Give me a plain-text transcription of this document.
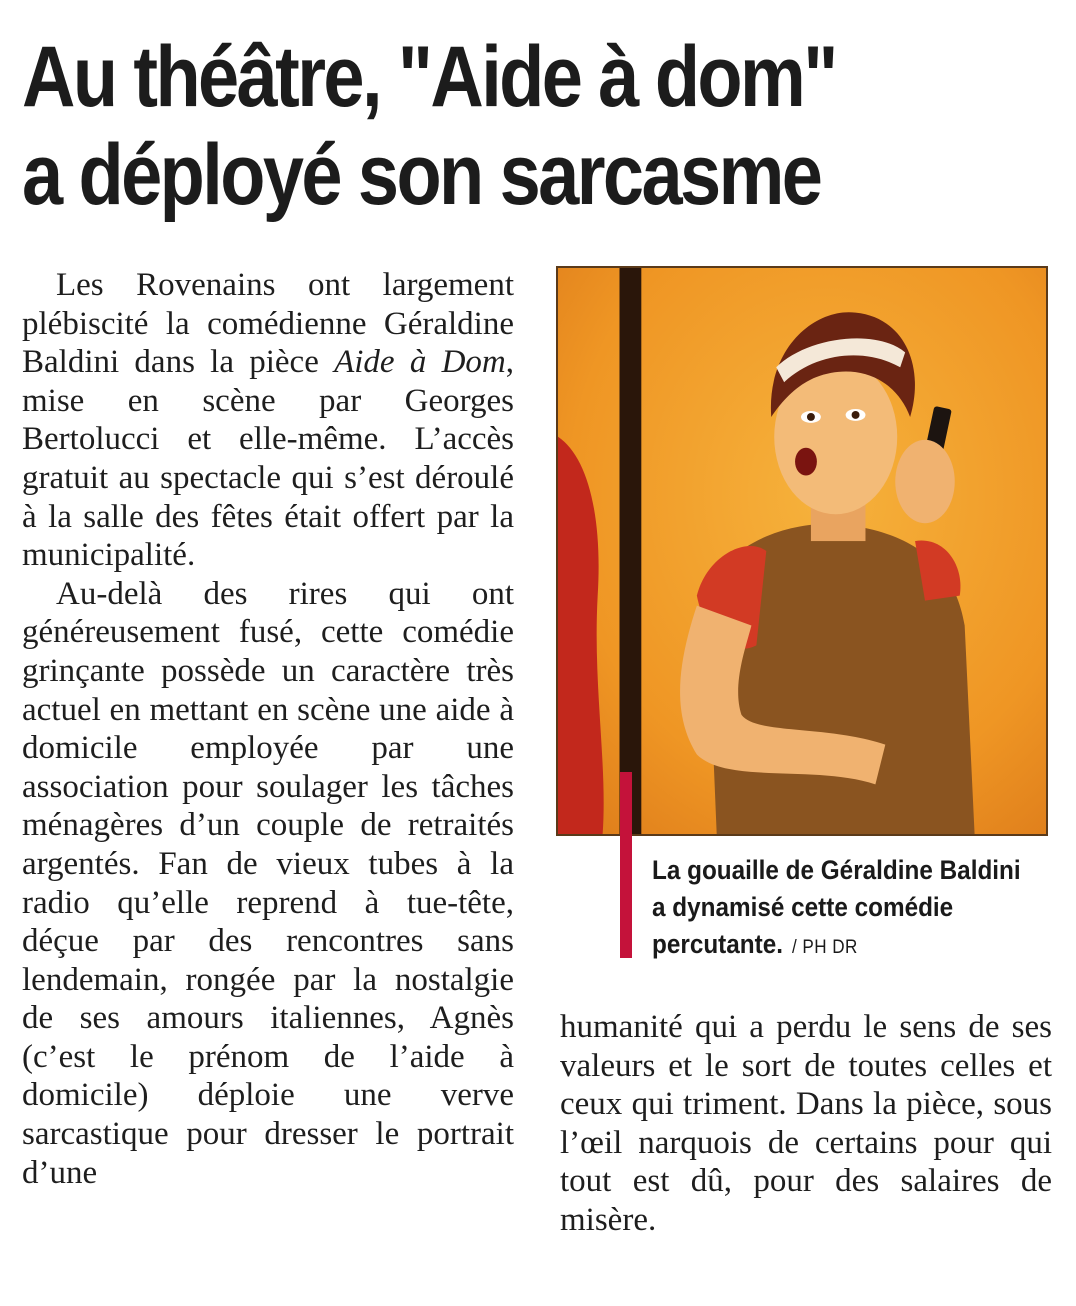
Au théâtre, "Aide à dom"
a déployé son sarcasme

Les Rovenains ont largement plébiscité la comédienne Géraldine Baldini dans la pièce Aide à Dom, mise en scène par Georges Bertolucci et elle-même. L’accès gratuit au spectacle qui s’est déroulé à la salle des fêtes était offert par la municipalité.

Au-delà des rires qui ont généreusement fusé, cette comédie grinçante possède un caractère très actuel en mettant en scène une aide à domicile employée par une association pour soulager les tâches ménagères d’un couple de retraités argentés. Fan de vieux tubes à la radio qu’elle reprend à tue-tête, déçue par des rencontres sans lendemain, rongée par la nostalgie de ses amours italiennes, Agnès (c’est le prénom de l’aide à domicile) déploie une verve sarcastique pour dresser le portrait d’une

La gouaille de Géraldine Baldini a dynamisé cette comédie percutante. / PH DR

humanité qui a perdu le sens de ses valeurs et le sort de toutes celles et ceux qui triment. Dans la pièce, sous l’œil narquois de certains pour qui tout est dû, pour des salaires de misère.
